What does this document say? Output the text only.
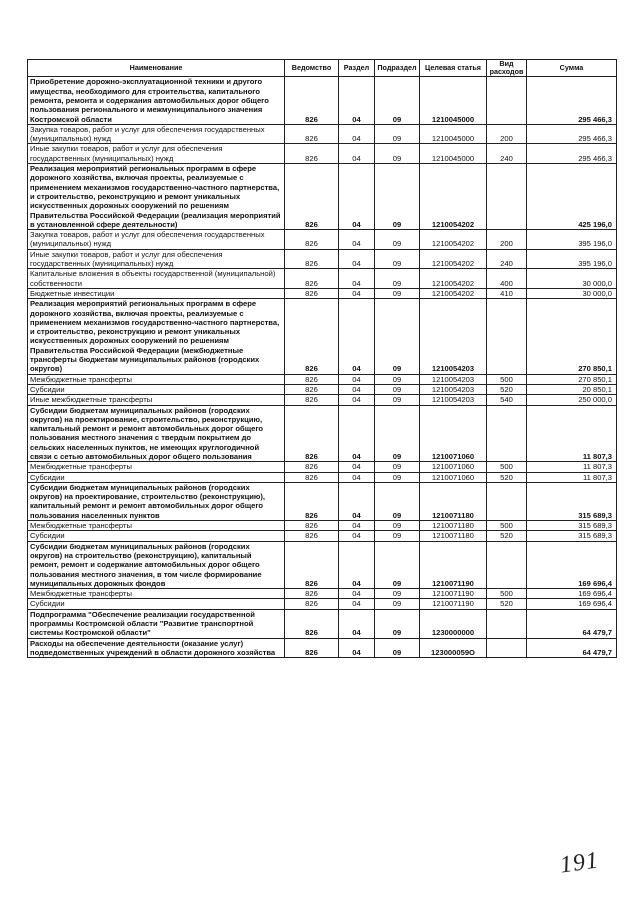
Наименование	Ведомство	Раздел	Подраздел	Целевая статья	Вид расходов	Сумма
Приобретение дорожно-эксплуатационной техники и другого имущества, необходимого для строительства, капитального ремонта, ремонта и содержания автомобильных дорог общего пользования регионального и межмуниципального значения Костромской области	826	04	09	1210045000		295 466,3
Закупка товаров, работ и услуг для обеспечения государственных (муниципальных) нужд	826	04	09	1210045000	200	295 466,3
Иные закупки товаров, работ и услуг для обеспечения государственных (муниципальных) нужд	826	04	09	1210045000	240	295 466,3
Реализация мероприятий региональных программ в сфере дорожного хозяйства, включая проекты, реализуемые с применением механизмов государственно-частного партнерства, и строительство, реконструкцию и ремонт уникальных искусственных дорожных сооружений по решениям Правительства Российской Федерации (реализация мероприятий в установленной сфере деятельности)	826	04	09	1210054202		425 196,0
Закупка товаров, работ и услуг для обеспечения государственных (муниципальных) нужд	826	04	09	1210054202	200	395 196,0
Иные закупки товаров, работ и услуг для обеспечения государственных (муниципальных) нужд	826	04	09	1210054202	240	395 196,0
Капитальные вложения в объекты государственной (муниципальной) собственности	826	04	09	1210054202	400	30 000,0
Бюджетные инвестиции	826	04	09	1210054202	410	30 000,0
Реализация мероприятий региональных программ в сфере дорожного хозяйства, включая проекты, реализуемые с применением механизмов государственно-частного партнерства, и строительство, реконструкцию и ремонт уникальных искусственных дорожных сооружений по решениям Правительства Российской Федерации (межбюджетные трансферты бюджетам муниципальных районов (городских округов)	826	04	09	1210054203		270 850,1
Межбюджетные трансферты	826	04	09	1210054203	500	270 850,1
Субсидии	826	04	09	1210054203	520	20 850,1
Иные межбюджетные трансферты	826	04	09	1210054203	540	250 000,0
Субсидии бюджетам муниципальных районов (городских округов) на проектирование, строительство, реконструкцию, капитальный ремонт и ремонт автомобильных дорог общего пользования местного значения с твердым покрытием до сельских населенных пунктов, не имеющих круглогодичной связи с сетью автомобильных дорог общего пользования	826	04	09	1210071060		11 807,3
Межбюджетные трансферты	826	04	09	1210071060	500	11 807,3
Субсидии	826	04	09	1210071060	520	11 807,3
Субсидии бюджетам муниципальных районов (городских округов) на проектирование, строительство (реконструкцию), капитальный ремонт и ремонт автомобильных дорог общего пользования населенных пунктов	826	04	09	1210071180		315 689,3
Межбюджетные трансферты	826	04	09	1210071180	500	315 689,3
Субсидии	826	04	09	1210071180	520	315 689,3
Субсидии бюджетам муниципальных районов (городских округов) на строительство (реконструкцию), капитальный ремонт, ремонт и содержание автомобильных дорог общего пользования местного значения, в том числе формирование муниципальных дорожных фондов	826	04	09	1210071190		169 696,4
Межбюджетные трансферты	826	04	09	1210071190	500	169 696,4
Субсидии	826	04	09	1210071190	520	169 696,4
Подпрограмма "Обеспечение реализации государственной программы Костромской области "Развитие транспортной системы Костромской области"	826	04	09	1230000000		64 479,7
Расходы на обеспечение деятельности (оказание услуг) подведомственных учреждений в области дорожного хозяйства	826	04	09	123000059О		64 479,7
191
